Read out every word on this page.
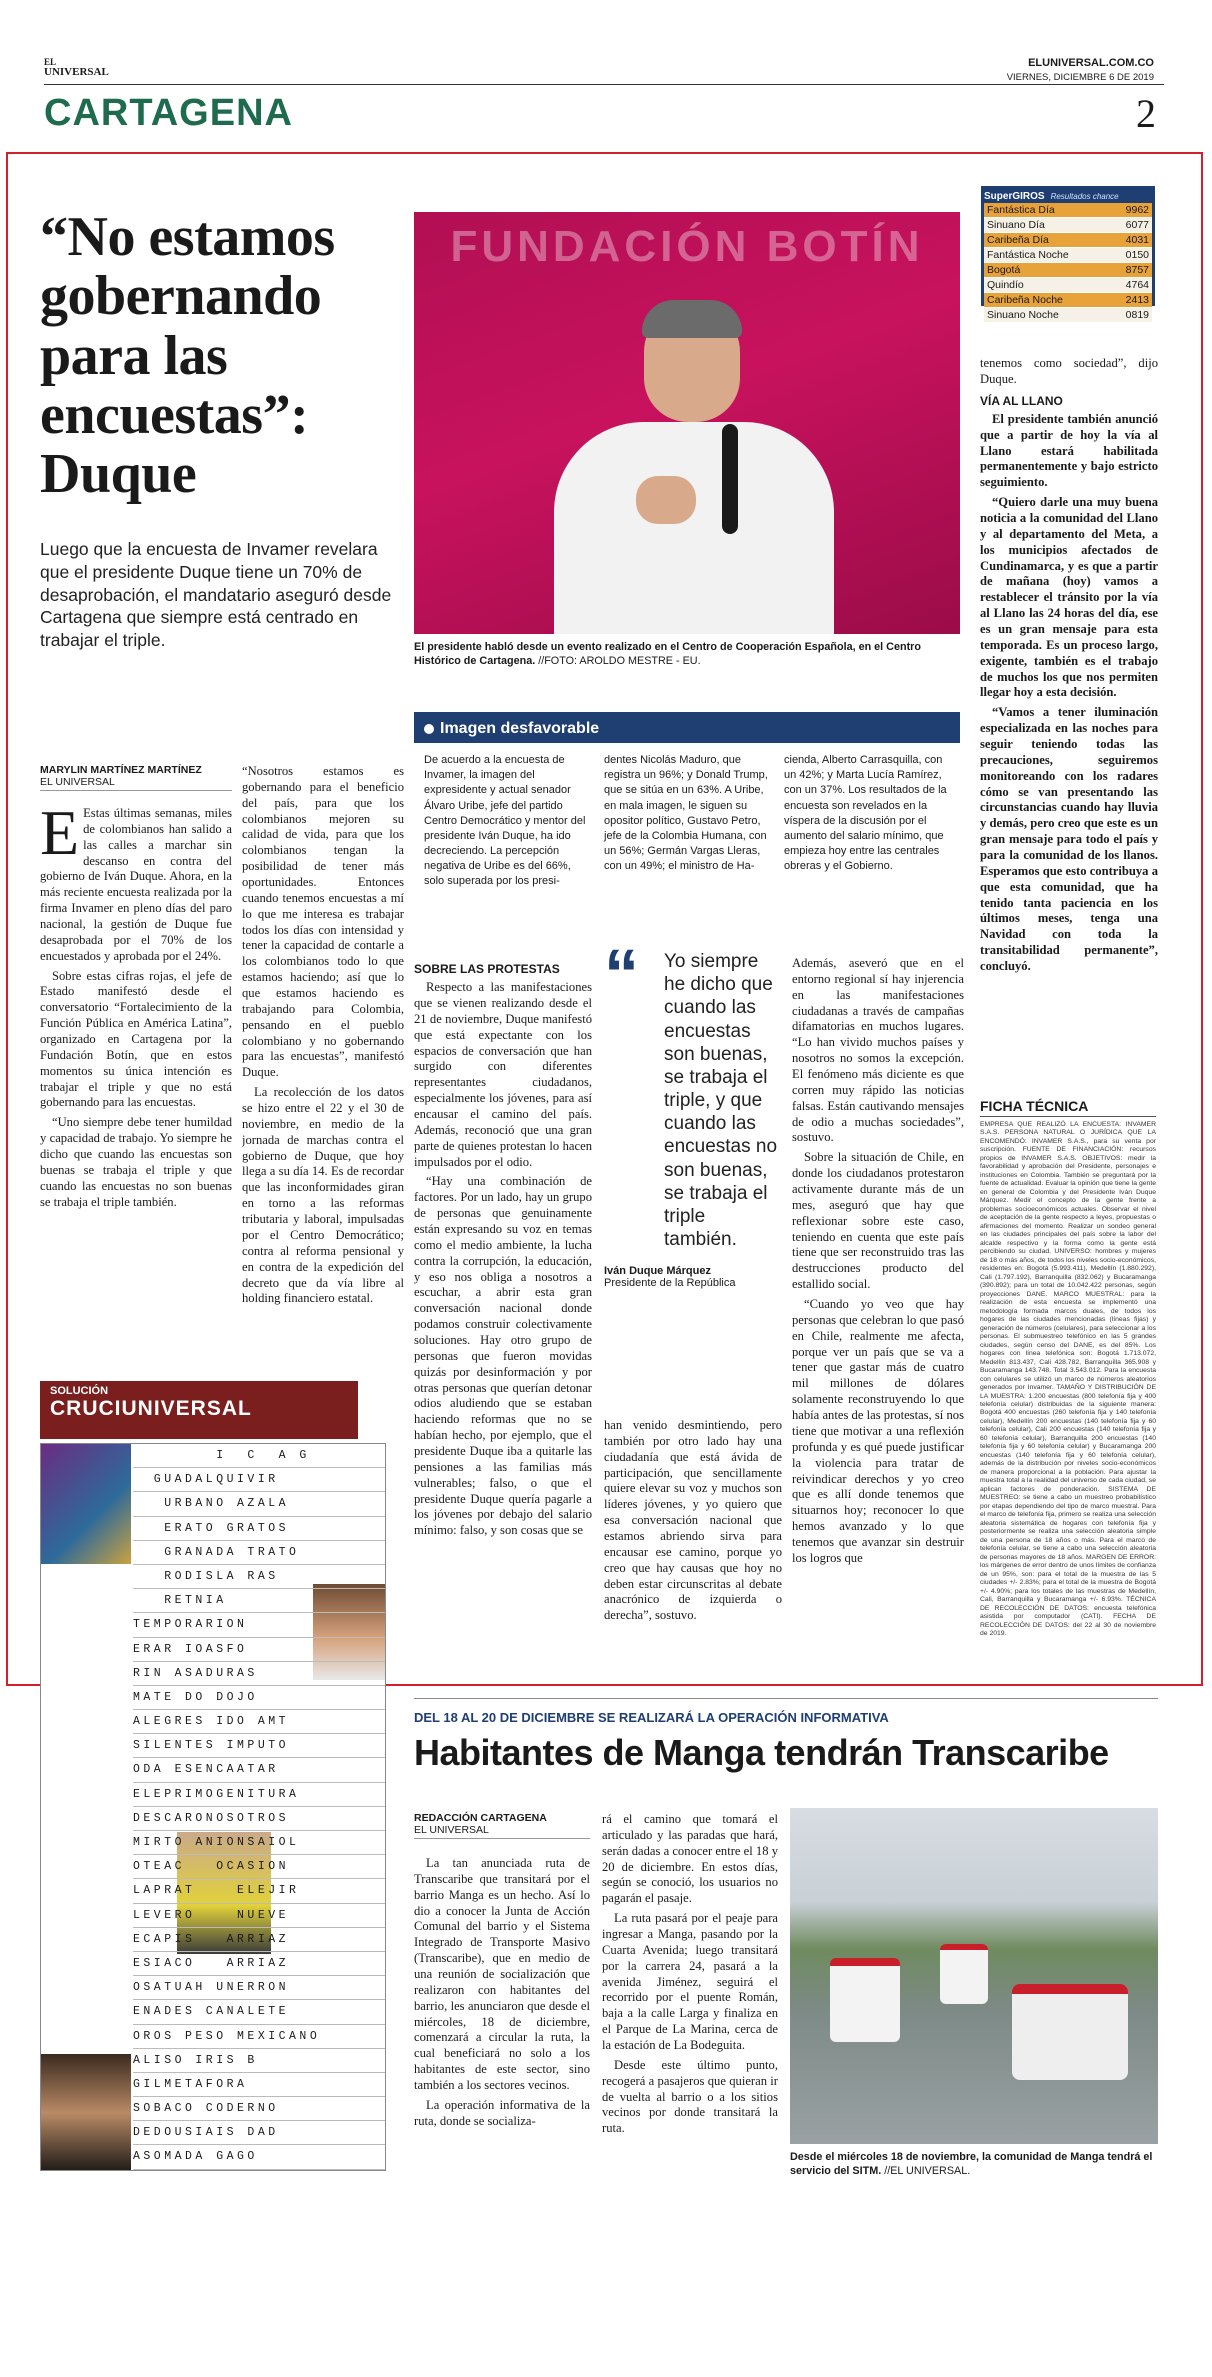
EL
UNIVERSAL
ELUNIVERSAL.COM.CO
VIERNES, DICIEMBRE 6 DE 2019
CARTAGENA	2
“No estamos gobernando para las encuestas”: Duque

Luego que la encuesta de Invamer revelara que el presidente Duque tiene un 70% de desaprobación, el mandatario aseguró desde Cartagena que siempre está centrado en trabajar el triple.

FUNDACIÓN BOTÍN

El presidente habló desde un evento realizado en el Centro de Cooperación Española, en el Centro Histórico de Cartagena. //FOTO: AROLDO MESTRE - EU.

SuperGIROS Resultados chance
Fantástica Día	9962
Sinuano Día	6077
Caribeña Día	4031
Fantástica Noche	0150
Bogotá	8757
Quindío	4764
Caribeña Noche	2413
Sinuano Noche	0819
MARYLIN MARTÍNEZ MARTÍNEZ
EL UNIVERSAL

E Estas últimas semanas, miles de colombianos han salido a las calles a marchar sin descanso en contra del gobierno de Iván Duque. Ahora, en la más reciente encuesta realizada por la firma Invamer en pleno días del paro nacional, la gestión de Duque fue desaprobada por el 70% de los encuestados y aprobada por el 24%.

Sobre estas cifras rojas, el jefe de Estado manifestó desde el conversatorio “Fortalecimiento de la Función Pública en América Latina”, organizado en Cartagena por la Fundación Botín, que en estos momentos su única intención es trabajar el triple y que no está gobernando para las encuestas.

“Uno siempre debe tener humildad y capacidad de trabajo. Yo siempre he dicho que cuando las encuestas son buenas se trabaja el triple y que cuando las encuestas no son buenas se trabaja el triple también.

“Nosotros estamos es gobernando para el beneficio del país, para que los colombianos mejoren su calidad de vida, para que los colombianos tengan la posibilidad de tener más oportunidades. Entonces cuando tenemos encuestas a mí lo que me interesa es trabajar todos los días con intensidad y tener la capacidad de contarle a los colombianos todo lo que estamos haciendo; así que lo que estamos haciendo es trabajando para Colombia, pensando en el pueblo colombiano y no gobernando para las encuestas”, manifestó Duque.

La recolección de los datos se hizo entre el 22 y el 30 de noviembre, en medio de la jornada de marchas contra el gobierno de Duque, que hoy llega a su día 14. Es de recordar que las inconformidades giran en torno a las reformas tributaria y laboral, impulsadas por el Centro Democrático; contra al reforma pensional y en contra de la expedición del decreto que da vía libre al holding financiero estatal.

Imagen desfavorable
De acuerdo a la encuesta de Invamer, la imagen del expresidente y actual senador Álvaro Uribe, jefe del partido Centro Democrático y mentor del presidente Iván Duque, ha ido decreciendo. La percepción negativa de Uribe es del 66%, solo superada por los presi-
dentes Nicolás Maduro, que registra un 96%; y Donald Trump, que se sitúa en un 63%. A Uribe, en mala imagen, le siguen su opositor político, Gustavo Petro, jefe de la Colombia Humana, con un 56%; Germán Vargas Lleras, con un 49%; el ministro de Ha-
cienda, Alberto Carrasquilla, con un 42%; y Marta Lucía Ramírez, con un 37%. Los resultados de la encuesta son revelados en la víspera de la discusión por el aumento del salario mínimo, que empieza hoy entre las centrales obreras y el Gobierno.
SOBRE LAS PROTESTAS

Respecto a las manifestaciones que se vienen realizando desde el 21 de noviembre, Duque manifestó que está expectante con los espacios de conversación que han surgido con diferentes representantes ciudadanos, especialmente los jóvenes, para así encausar el camino del país. Además, reconoció que una gran parte de quienes protestan lo hacen impulsados por el odio.

“Hay una combinación de factores. Por un lado, hay un grupo de personas que genuinamente están expresando su voz en temas como el medio ambiente, la lucha contra la corrupción, la educación, y eso nos obliga a nosotros a escuchar, a abrir esta gran conversación nacional donde podamos construir colectivamente soluciones. Hay otro grupo de personas que fueron movidas quizás por desinformación y por otras personas que querían detonar odios aludiendo que se estaban haciendo reformas que no se habían hecho, por ejemplo, que el presidente Duque iba a quitarle las pensiones a las familias más vulnerables; falso, o que el presidente Duque quería pagarle a los jóvenes por debajo del salario mínimo: falso, y son cosas que se

“	Yo siempre he dicho que cuando las encuestas son buenas, se trabaja el triple, y que cuando las encuestas no son buenas, se trabaja el triple también.
Iván Duque Márquez
Presidente de la República

han venido desmintiendo, pero también por otro lado hay una ciudadanía que está ávida de participación, que sencillamente quiere elevar su voz y muchos son líderes jóvenes, y yo quiero que esa conversación nacional que estamos abriendo sirva para encausar ese camino, porque yo creo que hay causas que hoy no deben estar circunscritas al debate anacrónico de izquierda o derecha”, sostuvo.

Además, aseveró que en el entorno regional sí hay injerencia en las manifestaciones ciudadanas a través de campañas difamatorias en muchos lugares. “Lo han vivido muchos países y nosotros no somos la excepción. El fenómeno más diciente es que corren muy rápido las noticias falsas. Están cautivando mensajes de odio a muchas sociedades”, sostuvo.

Sobre la situación de Chile, en donde los ciudadanos protestaron activamente durante más de un mes, aseguró que hay que reflexionar sobre este caso, teniendo en cuenta que este país tiene que ser reconstruido tras las destrucciones producto del estallido social.

“Cuando yo veo que hay personas que celebran lo que pasó en Chile, realmente me afecta, porque ver un país que se va a tener que gastar más de cuatro mil millones de dólares solamente reconstruyendo lo que había antes de las protestas, sí nos tiene que motivar a una reflexión profunda y es qué puede justificar la violencia para tratar de reivindicar derechos y yo creo que es allí donde tenemos que situarnos hoy; reconocer lo que hemos avanzado y lo que tenemos que avanzar sin destruir los logros que

tenemos como sociedad”, dijo Duque.

VÍA AL LLANO

El presidente también anunció que a partir de hoy la vía al Llano estará habilitada permanentemente y bajo estricto seguimiento.

“Quiero darle una muy buena noticia a la comunidad del Llano y al departamento del Meta, a los municipios afectados de Cundinamarca, y es que a partir de mañana (hoy) vamos a restablecer el tránsito por la vía al Llano las 24 horas del día, ese es un gran mensaje para esta temporada. Es un proceso largo, exigente, también es el trabajo de muchos los que nos permiten llegar hoy a esta decisión.

“Vamos a tener iluminación especializada en las noches para seguir teniendo todas las precauciones, seguiremos monitoreando con los radares cómo se van presentando las circunstancias cuando hay lluvia y demás, pero creo que este es un gran mensaje para todo el país y para la comunidad de los llanos. Esperamos que esto contribuya a que esta comunidad, que ha tenido tanta paciencia en los últimos meses, tenga una Navidad con toda la transitabilidad permanente”, concluyó.

FICHA TÉCNICA
EMPRESA QUE REALIZÓ LA ENCUESTA: INVAMER S.A.S. PERSONA NATURAL O JURÍDICA QUE LA ENCOMENDÓ: INVAMER S.A.S., para su venta por suscripción. FUENTE DE FINANCIACIÓN: recursos propios de INVAMER S.A.S. OBJETIVOS: medir la favorabilidad y aprobación del Presidente, personajes e instituciones en Colombia. También se preguntará por la fuente de actualidad. Evaluar la opinión que tiene la gente en general de Colombia y del Presidente Iván Duque Márquez. Medir el concepto de la gente frente a problemas socioeconómicos actuales. Observar el nivel de aceptación de la gente respecto a leyes, propuestas o afirmaciones del momento. Realizar un sondeo general en las ciudades principales del país sobre la labor del alcalde respectivo y la forma como la gente está percibiendo su ciudad. UNIVERSO: hombres y mujeres de 18 o más años, de todos los niveles socio-económicos, residentes en: Bogotá (5.993.411), Medellín (1.880.292), Cali (1.797.192), Barranquilla (832.062) y Bucaramanga (390.892); para un total de 10.042.422 personas, según proyecciones DANE. MARCO MUESTRAL: para la realización de esta encuesta se implementó una metodología formada marcos duales, de todos los hogares de las ciudades mencionadas (líneas fijas) y generación de números (celulares), para seleccionar a los personas. El submuestreo telefónico en las 5 grandes ciudades, según censo del DANE, es del 85%. Los hogares con línea telefónica son: Bogotá 1.713.072, Medellín 813.437, Cali 428.782, Barranquilla 365.908 y Bucaramanga 143.748. Total 3.543.012. Para la encuesta con celulares se utilizó un marco de números aleatorios generados por Invamer. TAMAÑO Y DISTRIBUCIÓN DE LA MUESTRA: 1.200 encuestas (800 telefonía fija y 400 telefonía celular) distribuidas de la siguiente manera: Bogotá 400 encuestas (260 telefonía fija y 140 telefonía celular), Medellín 200 encuestas (140 telefonía fija y 60 telefonía celular), Cali 200 encuestas (140 telefonía fija y 60 telefonía celular), Barranquilla 200 encuestas (140 telefonía fija y 60 telefonía celular) y Bucaramanga 200 encuestas (140 telefonía fija y 60 telefonía celular), además de la distribución por niveles socio-económicos de manera proporcional a la población. Para ajustar la muestra total a la realidad del universo de cada ciudad, se aplican factores de ponderación. SISTEMA DE MUESTREO: se tiene a cabo un muestreo probabilístico por etapas dependiendo del tipo de marco muestral. Para el marco de telefonía fija, primero se realiza una selección aleatoria sistemática de hogares con telefonía fija y posteriormente se realiza una selección aleatoria simple de una persona de 18 años o más. Para el marco de telefonía celular, se tiene a cabo una selección aleatoria de personas mayores de 18 años. MARGEN DE ERROR: los márgenes de error dentro de unos límites de confianza de un 95%, son: para el total de la muestra de las 5 ciudades +/- 2.83%; para el total de la muestra de Bogotá +/- 4.90%; para los totales de las muestras de Medellín, Cali, Barranquilla y Bucaramanga +/- 6.93%. TÉCNICA DE RECOLECCIÓN DE DATOS: encuesta telefónica asistida por computador (CATI). FECHA DE RECOLECCIÓN DE DATOS: del 22 al 30 de noviembre de 2019.
SOLUCIÓN
CRUCIUNIVERSAL
I  C  A G
GUADALQUIVIR
URBANO AZALA
ERATO GRATOS
GRANADA TRATO
RODISLA RAS
RETNIA
TEMPORARION
ERAR IOASFO
RIN ASADURAS
MATE DO DOJO
ALEGRES IDO AMT
SILENTES IMPUTO
ODA ESENCAATAR
ELEPRIMOGENITURA
DESCARONOSOTROS
MIRTO ANIONSAIOL
OTEAC   OCASION
LAPRAT    ELEJIR
LEVERO    NUEVE
ECAPIS   ARRIAZ
ESIACO   ARRIAZ
OSATUAH UNERRON
ENADES CANALETE
OROS PESO MEXICANO
ALISO IRIS B
GILMETAFORA
SOBACO CODERNO
DEDOUSIAIS DAD
ASOMADA GAGO
DEL 18 AL 20 DE DICIEMBRE SE REALIZARÁ LA OPERACIÓN INFORMATIVA
Habitantes de Manga tendrán Transcaribe
REDACCIÓN CARTAGENA
EL UNIVERSAL

La tan anunciada ruta de Transcaribe que transitará por el barrio Manga es un hecho. Así lo dio a conocer la Junta de Acción Comunal del barrio y el Sistema Integrado de Transporte Masivo (Transcaribe), que en medio de una reunión de socialización que realizaron con habitantes del barrio, les anunciaron que desde el miércoles, 18 de diciembre, comenzará a circular la ruta, la cual beneficiará no solo a los habitantes de este sector, sino también a los sectores vecinos.

La operación informativa de la ruta, donde se socializa-

rá el camino que tomará el articulado y las paradas que hará, serán dadas a conocer entre el 18 y 20 de diciembre. En estos días, según se conoció, los usuarios no pagarán el pasaje.

La ruta pasará por el peaje para ingresar a Manga, pasando por la Cuarta Avenida; luego transitará por la carrera 24, pasará a la avenida Jiménez, seguirá el recorrido por el puente Román, baja a la calle Larga y finaliza en el Parque de La Marina, cerca de la estación de La Bodeguita.

Desde este último punto, recogerá a pasajeros que quieran ir de vuelta al barrio o a los sitios vecinos por donde transitará la ruta.

Desde el miércoles 18 de noviembre, la comunidad de Manga tendrá el servicio del SITM. //EL UNIVERSAL.
